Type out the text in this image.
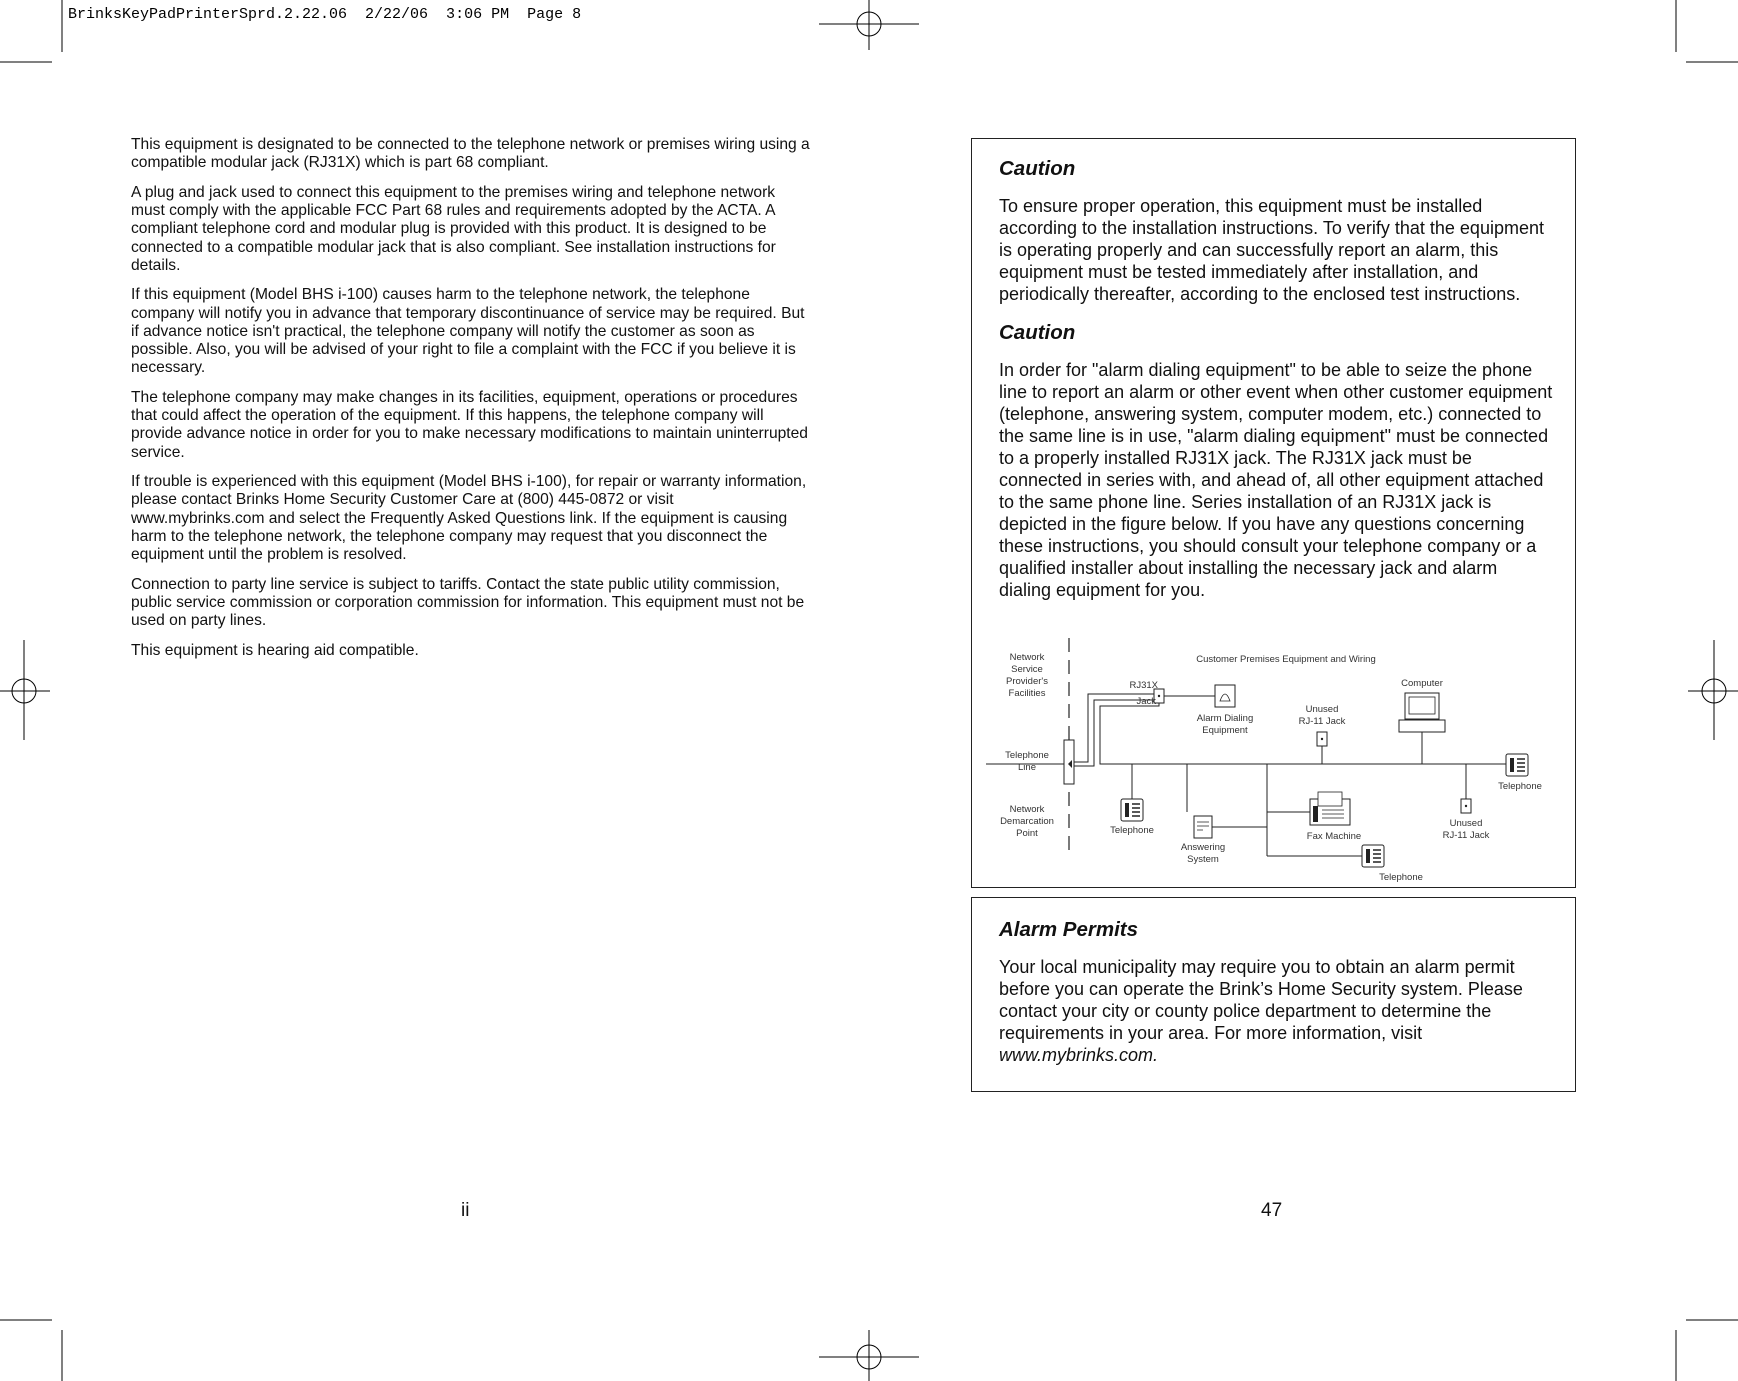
BrinksKeyPadPrinterSprd.2.22.06  2/22/06  3:06 PM  Page 8

This equipment is designated to be connected to the telephone network or premises wiring using a compatible modular jack (RJ31X) which is part 68 compliant.

A plug and jack used to connect this equipment to the premises wiring and telephone network must comply with the applicable FCC Part 68 rules and requirements adopted by the ACTA. A compliant telephone cord and modular plug is provided with this product. It is designed to be connected to a compatible modular jack that is also compliant. See installation instructions for details.

If this equipment (Model BHS i-100) causes harm to the telephone network, the telephone company will notify you in advance that temporary discontinuance of service may be required. But if advance notice isn't practical, the telephone company will notify the customer as soon as possible. Also, you will be advised of your right to file a complaint with the FCC if you believe it is necessary.

The telephone company may make changes in its facilities, equipment, operations or procedures that could affect the operation of the equipment. If this happens, the telephone company will provide advance notice in order for you to make necessary modifications to maintain uninterrupted service.

If trouble is experienced with this equipment (Model BHS i-100), for repair or warranty information, please contact Brinks Home Security Customer Care at (800) 445-0872 or visit www.mybrinks.com and select the Frequently Asked Questions link. If the equipment is causing harm to the telephone network, the telephone company may request that you disconnect the equipment until the problem is resolved.

Connection to party line service is subject to tariffs. Contact the state public utility commission, public service commission or corporation commission for information. This equipment must not be used on party lines.

This equipment is hearing aid compatible.

Caution
To ensure proper operation, this equipment must be installed according to the installation instructions. To verify that the equipment is operating properly and can successfully report an alarm, this equipment must be tested immediately after installation, and periodically thereafter, according to the enclosed test instructions.
Caution
In order for "alarm dialing equipment" to be able to seize the phone line to report an alarm or other event when other customer equipment (telephone, answering system, computer modem, etc.) connected to the same line is in use, "alarm dialing equipment" must be connected to a properly installed RJ31X jack. The RJ31X jack must be connected in series with, and ahead of, all other equipment attached to the same phone line. Series installation of an RJ31X jack is depicted in the figure below. If you have any questions concerning these instructions, you should consult your telephone company or a qualified installer about installing the necessary jack and alarm dialing equipment for you.
Network
Service
Provider's
Facilities
Telephone
Line
Network
Demarcation
Point
Customer Premises Equipment and Wiring
RJ31X
Jack
Alarm Dialing
Equipment
Unused
RJ-11 Jack
Computer
Telephone
Unused
RJ-11 Jack
Telephone
Answering
System
Fax Machine
Telephone
Alarm Permits
Your local municipality may require you to obtain an alarm permit before you can operate the Brink’s Home Security system. Please contact your city or county police department to determine the requirements in your area. For more information, visit
www.mybrinks.com.
ii	47
